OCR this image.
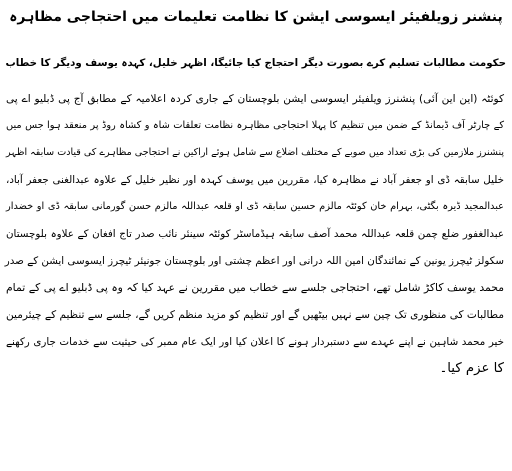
پنشنر زویلفیئر ایسوسی ایشن کا نظامت تعلیمات میں احتجاجی مظاہرہ
حکومت مطالبات تسلیم کرے بصورت دیگر احتجاج کیا جائیگا، اظہر خلیل، کہدہ یوسف ودیگر کا خطاب
کوئٹہ (این این آئی) پنشنرز ویلفیئر ایسوسی ایشن بلوچستان کے جاری کردہ اعلامیہ کے مطابق آج پی ڈبلیو اے پی
کے چارٹر آف ڈیمانڈ کے ضمن میں تنظیم کا پہلا احتجاجی مظاہرہ نظامت تعلقات شاہ و کشاہ روڈ پر منعقد ہوا جس میں
پنشنرز ملازمین کی بڑی تعداد میں صوبے کے مختلف اضلاع سے شامل ہوئے اراکین نے احتجاجی مظاہرے کی قیادت سابقہ اظہر
خلیل سابقہ ڈی او جعفر آباد نے مظاہرہ کیا، مقررین میں یوسف کہدہ اور نظیر خلیل کے علاوہ عبدالغنی جعفر آباد،
عبدالمجید ڈیرہ بگٹی، بہرام خان کوئٹہ مالزم حسین سابقہ ڈی او قلعہ عبداللہ مالزم حسن گورمانی سابقہ ڈی او خضدار
عبدالغفور ضلع چمن قلعہ عبداللہ محمد آصف سابقہ ہیڈماسٹر کوئٹہ سینئر نائب صدر تاج افغان کے علاوہ بلوچستان
سکولز ٹیچرز یونین کے نمائندگان امین اللہ درانی اور اعظم چشتی اور بلوچستان جونیئر ٹیچرز ایسوسی ایشن کے صدر
محمد یوسف کاکڑ شامل تھے، احتجاجی جلسے سے خطاب میں مقررین نے عہد کیا کہ وہ پی ڈبلیو اے پی کے تمام
مطالبات کی منظوری تک چین سے نہیں بیٹھیں گے اور تنظیم کو مزید منظم کریں گے، جلسے سے تنظیم کے چیئرمین
خیر محمد شاہین نے اپنے عہدے سے دستبردار ہونے کا اعلان کیا اور ایک عام ممبر کی حیثیت سے خدمات جاری رکھنے
کا عزم کیا۔
